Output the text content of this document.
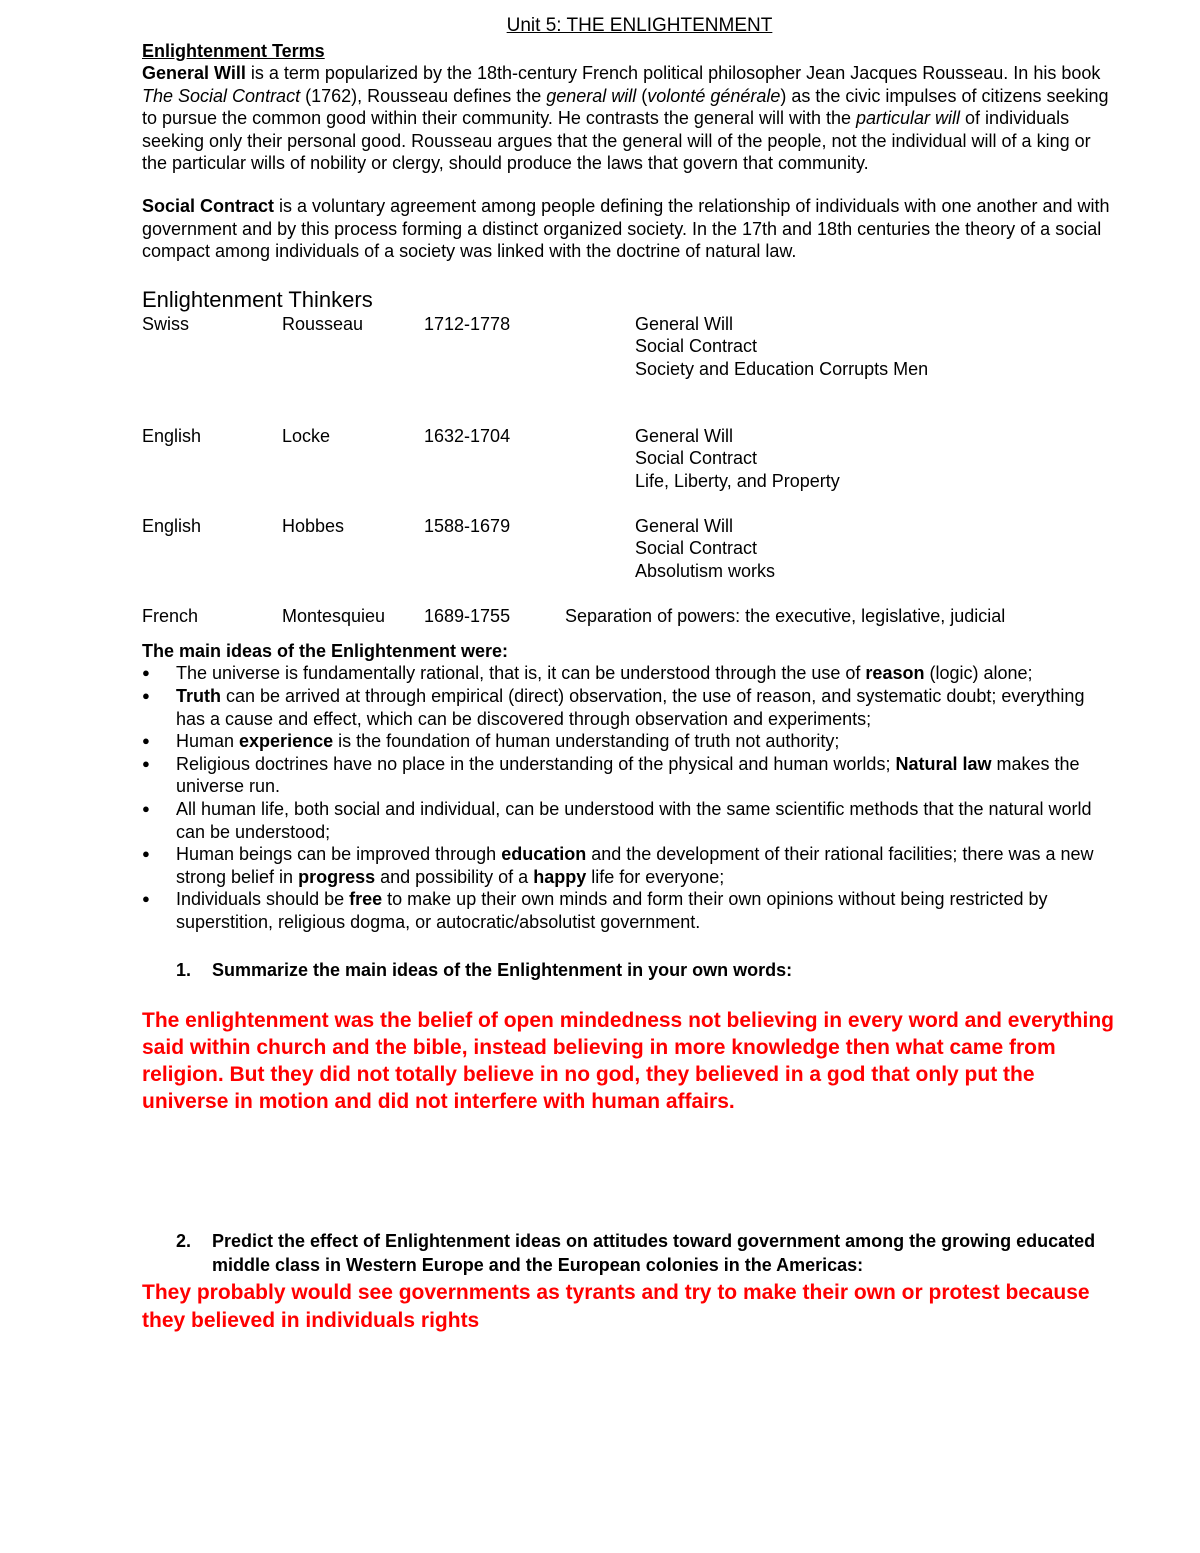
Unit 5: THE ENLIGHTENMENT
Enlightenment Terms

General Will is a term popularized by the 18th-century French political philosopher Jean Jacques Rousseau. In his book The Social Contract (1762), Rousseau defines the general will (volonté générale) as the civic impulses of citizens seeking to pursue the common good within their community. He contrasts the general will with the particular will of individuals seeking only their personal good. Rousseau argues that the general will of the people, not the individual will of a king or the particular wills of nobility or clergy, should produce the laws that govern that community.

Social Contract is a voluntary agreement among people defining the relationship of individuals with one another and with government and by this process forming a distinct organized society. In the 17th and 18th centuries the theory of a social compact among individuals of a society was linked with the doctrine of natural law.

Enlightenment Thinkers
Swiss	Rousseau	1712-1778	General Will
Social Contract
Society and Education Corrupts Men
English	Locke	1632-1704	General Will
Social Contract
Life, Liberty, and Property
English	Hobbes	1588-1679	General Will
Social Contract
Absolutism works
French	Montesquieu 1689-1755	Separation of powers: the executive, legislative, judicial
The main ideas of the Enlightenment were:
● The universe is fundamentally rational, that is, it can be understood through the use of reason (logic) alone;
● Truth can be arrived at through empirical (direct) observation, the use of reason, and systematic doubt; everything has a cause and effect, which can be discovered through observation and experiments;
● Human experience is the foundation of human understanding of truth not authority;
● Religious doctrines have no place in the understanding of the physical and human worlds; Natural law makes the universe run.
● All human life, both social and individual, can be understood with the same scientific methods that the natural world can be understood;
● Human beings can be improved through education and the development of their rational facilities; there was a new strong belief in progress and possibility of a happy life for everyone;
● Individuals should be free to make up their own minds and form their own opinions without being restricted by superstition, religious dogma, or autocratic/absolutist government.
1. Summarize the main ideas of the Enlightenment in your own words:
The enlightenment was the belief of open mindedness not believing in every word and everything said within church and the bible, instead believing in more knowledge then what came from religion. But they did not totally believe in no god, they believed in a god that only put the universe in motion and did not interfere with human affairs.
2. Predict the effect of Enlightenment ideas on attitudes toward government among the growing educated middle class in Western Europe and the European colonies in the Americas:
They probably would see governments as tyrants and try to make their own or protest because they believed in individuals rights
